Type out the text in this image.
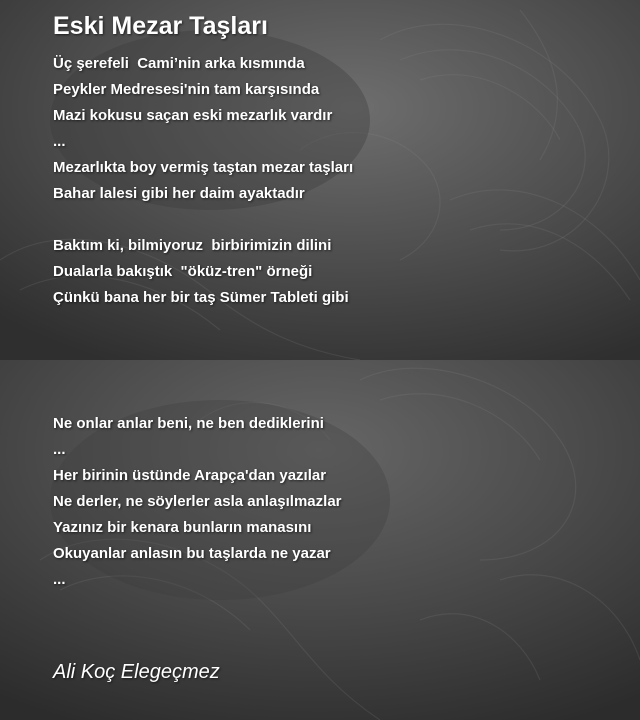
Eski Mezar Taşları
Üç şerefeli  Cami’nin arka kısmında
Peykler Medresesi'nin tam karşısında
Mazi kokusu saçan eski mezarlık vardır
...
Mezarlıkta boy vermiş taştan mezar taşları
Bahar lalesi gibi her daim ayaktadır
Baktım ki, bilmiyoruz  birbirimizin dilini
Dualarla bakıştık  "öküz-tren" örneği
Çünkü bana her bir taş Sümer Tableti gibi
Ne onlar anlar beni, ne ben dediklerini
...
Her birinin üstünde Arapça'dan yazılar
Ne derler, ne söylerler asla anlaşılmazlar
Yazınız bir kenara bunların manasını
Okuyanlar anlasın bu taşlarda ne yazar
...
Ali Koç Elegeçmez
